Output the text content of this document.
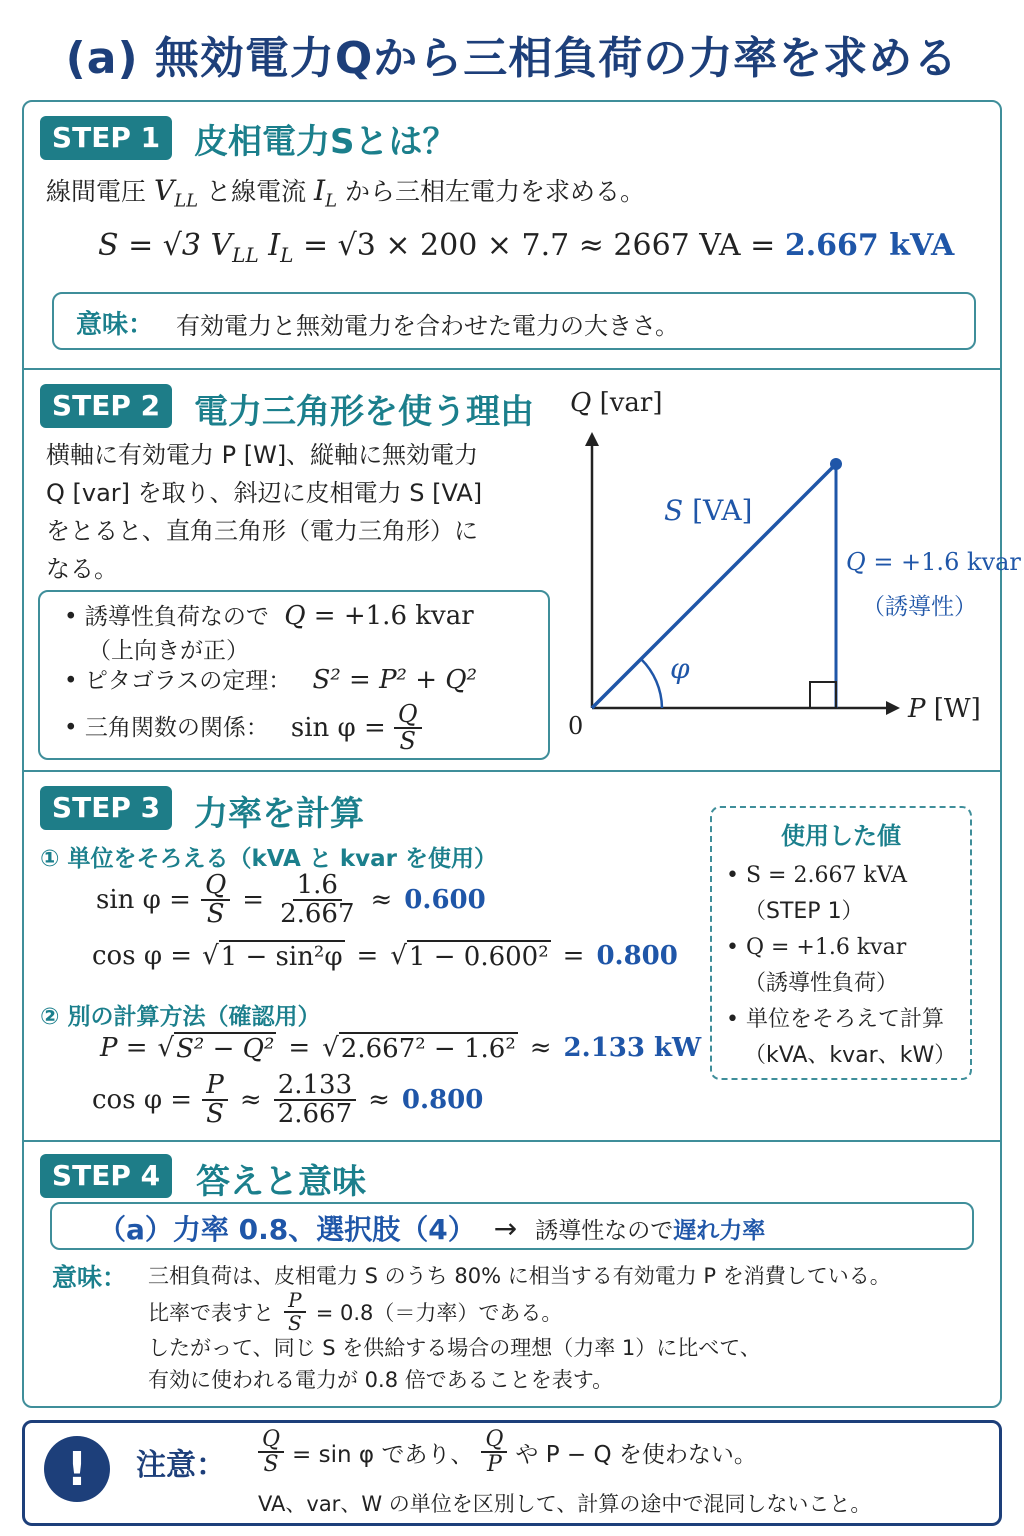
(a) 無効電力Qから三相負荷の力率を求める
STEP 1 皮相電力Sとは？
線間電圧 $V_{LL}$ と線電流 $I_L$ から三相左電力を求める。
S = √3 $V_{LL}$ $I_L = √3 \times 200 \times 7.7 \approx 2667$ VA = 2.667 kVA
意味： 有効電力と無効電力を合わせた電力の大きさ。
STEP 2 電力三角形を使う理由
横軸に有効電力 P [W]、縦軸に無効電力
Q [var] を取り、斜辺に皮相電力 S [VA]
をとると、直角三角形（電力三角形）に
なる。
• 誘導性負荷なので Q = +1.6 kvar
（上向きが正）
• ピタゴラスの定理： S² = P² + Q²
• 三角関数の関係： $\sin \varphi = \frac{Q}{S}$
Q [var]
P [W]
0
S [VA]
φ
Q = +1.6 kvar
（誘導性）
STEP 3 力率を計算
① 単位をそろえる（kVA と kvar を使用）
$\sin \varphi = \frac{Q}{S} = \frac{1.6}{2.667} \approx 0.600$
cos φ = √ 1 − sin²φ = √ 1 − 0.600² = 0.800
② 別の計算方法（確認用）
P = √ S² − Q² = √ 2.667² − 1.6² ≈ 2.133 kW
$\cos \varphi = \frac{P}{S} \approx \frac{2.133}{2.667} \approx 0.800$
使用した値
• S = 2.667 kVA
（STEP 1）
• Q = +1.6 kvar
（誘導性負荷）
• 単位をそろえて計算
（kVA、kvar、kW）
STEP 4	答えと意味
（a）力率 0.8、選択肢（4） → 誘導性なので 遅れ力率
意味： 三相負荷は、皮相電力 S のうち 80% に相当する有効電力 P を消費している。
比率で表すと $\frac{P}{S} = 0.8(=$力率）である。
したがって、同じ S を供給する場合の理想（力率 1）に比べて、
有効に使われる電力が 0.8 倍であることを表す。
!	注意： $\frac{Q}{S} = \sin \varphi$ であり、 $\frac{Q}{P}$ や P − Q を使わない。
VA、var、W の単位を区別して、計算の途中で混同しないこと。
